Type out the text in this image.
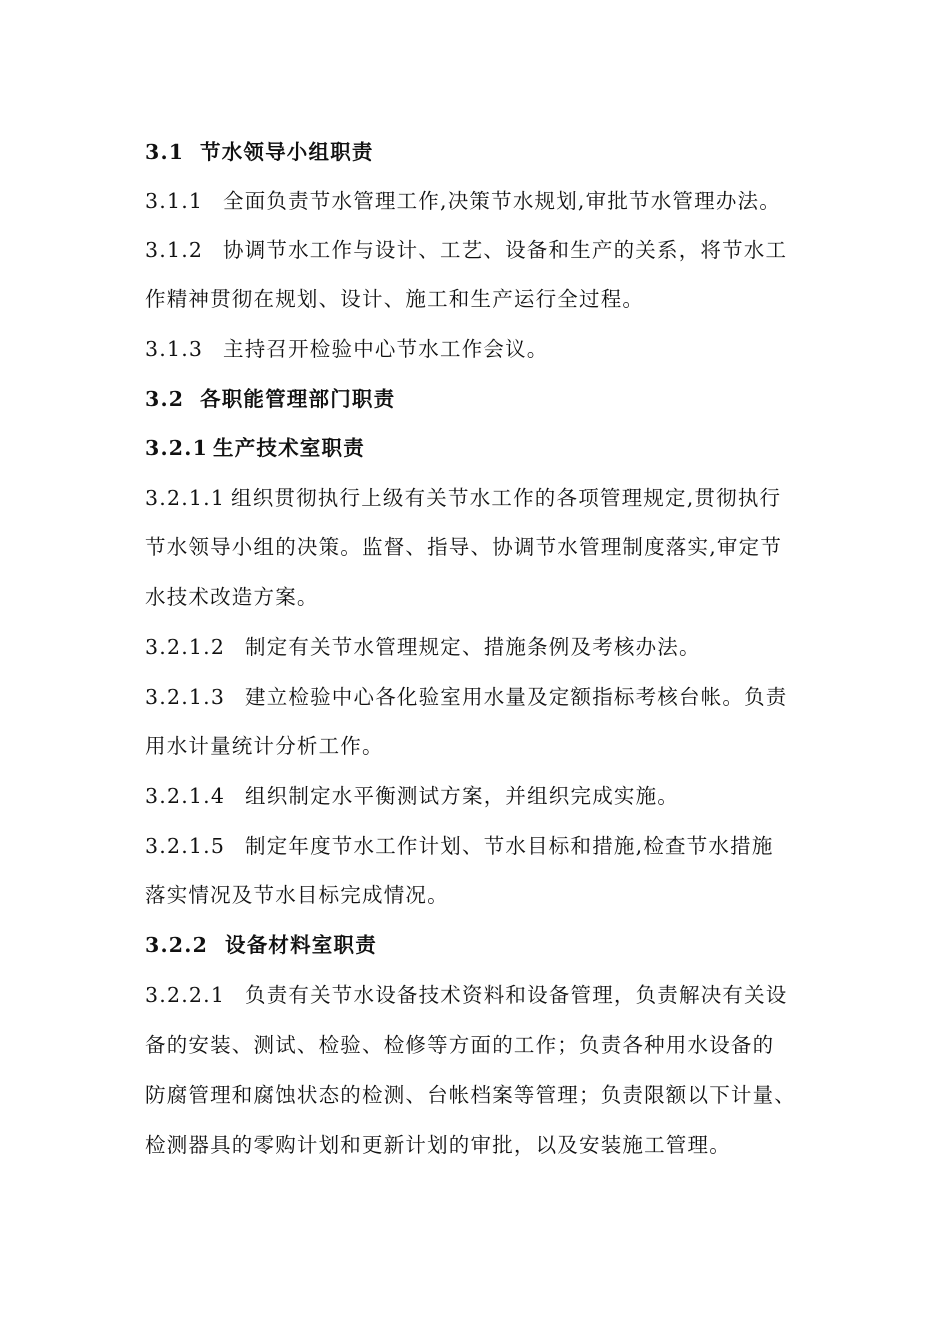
3.1 节水领导小组职责
3.1.1 全面负责节水管理工作,决策节水规划,审批节水管理办法。
3.1.2 协调节水工作与设计、工艺、设备和生产的关系，将节水工
作精神贯彻在规划、设计、施工和生产运行全过程。
3.1.3 主持召开检验中心节水工作会议。
3.2 各职能管理部门职责
3.2.1 生产技术室职责
3.2.1.1 组织贯彻执行上级有关节水工作的各项管理规定,贯彻执行
节水领导小组的决策。监督、指导、协调节水管理制度落实,审定节
水技术改造方案。
3.2.1.2 制定有关节水管理规定、措施条例及考核办法。
3.2.1.3 建立检验中心各化验室用水量及定额指标考核台帐。负责
用水计量统计分析工作。
3.2.1.4 组织制定水平衡测试方案，并组织完成实施。
3.2.1.5 制定年度节水工作计划、节水目标和措施,检查节水措施
落实情况及节水目标完成情况。
3.2.2 设备材料室职责
3.2.2.1 负责有关节水设备技术资料和设备管理，负责解决有关设
备的安装、测试、检验、检修等方面的工作；负责各种用水设备的
防腐管理和腐蚀状态的检测、台帐档案等管理；负责限额以下计量、
检测器具的零购计划和更新计划的审批，以及安装施工管理。
